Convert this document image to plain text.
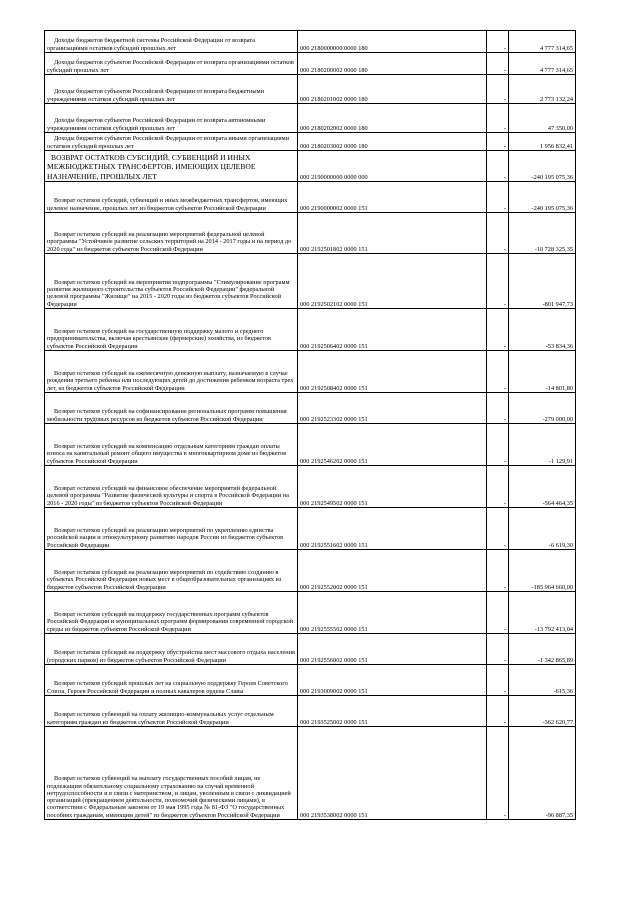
Доходы бюджетов бюджетной системы Российской Федерации от возврата организациями остатков субсидий прошлых лет	000 2180000000 0000 180	-	4 777 314,65
Доходы бюджетов субъектов Российской Федерации от возврата организациями остатков субсидий прошлых лет	000 2180200002 0000 180	-	4 777 314,65
Доходы бюджетов субъектов Российской Федерации от возврата бюджетными учреждениями остатков субсидий прошлых лет	000 2180201002 0000 180	-	2 773 132,24
Доходы бюджетов субъектов Российской Федерации от возврата автономными учреждениями остатков субсидий прошлых лет	000 2180202002 0000 180	-	47 350,00
Доходы бюджетов субъектов Российской Федерации от возврата иными организациями остатков субсидий прошлых лет	000 2180203002 0000 180	-	1 956 832,41
ВОЗВРАТ ОСТАТКОВ СУБСИДИЙ, СУБВЕНЦИЙ И ИНЫХ МЕЖБЮДЖЕТНЫХ ТРАНСФЕРТОВ, ИМЕЮЩИХ ЦЕЛЕВОЕ НАЗНАЧЕНИЕ, ПРОШЛЫХ ЛЕТ	000 2190000000 0000 000	-	-240 195 075,36
Возврат остатков субсидий, субвенций и иных межбюджетных трансфертов, имеющих целевое назначение, прошлых лет из бюджетов субъектов Российской Федерации	000 2190000002 0000 151	-	-240 195 075,36
Возврат остатков субсидий на реализацию мероприятий федеральной целевой программы "Устойчивое развитие сельских территорий на 2014 - 2017 годы и на период до 2020 года" из бюджетов субъектов Российской Федерации	000 2192501802 0000 151	-	-10 728 325,35
Возврат остатков субсидий на мероприятия подпрограммы "Стимулирование программ развития жилищного строительства субъектов Российской Федерации" федеральной целевой программы "Жилище" на 2015 - 2020 годы из бюджетов субъектов Российской Федерации	000 2192502102 0000 151	-	-801 947,73
Возврат остатков субсидий на государственную поддержку малого и среднего предпринимательства, включая крестьянские (фермерские) хозяйства, из бюджетов субъектов Российской Федерации	000 2192506402 0000 151	-	-53 834,36
Возврат остатков субсидий на ежемесячную денежную выплату, назначаемую в случае рождения третьего ребенка или последующих детей до достижения ребенком возраста трех лет, из бюджетов субъектов Российской Федерации	000 2192508402 0000 151	-	-14 801,80
Возврат остатков субсидий на софинансирование региональных программ повышения мобильности трудовых ресурсов из бюджетов субъектов Российской Федерации	000 2192523302 0000 151	-	-279 000,00
Возврат остатков субсидий на компенсацию отдельным категориям граждан оплаты взноса на капитальный ремонт общего имущества в многоквартирном доме из бюджетов субъектов Российской Федерации	000 2192546202 0000 151	-	-1 129,91
Возврат остатков субсидий на финансовое обеспечение мероприятий федеральной целевой программы "Развитие физической культуры и спорта в Российской Федерации на 2016 - 2020 годы" из бюджетов субъектов Российской Федерации	000 2192549502 0000 151	-	-564 464,35
Возврат остатков субсидий на реализацию мероприятий по укреплению единства российской нации и этнокультурному развитию народов России из бюджетов субъектов Российской Федерации	000 2192551602 0000 151	-	-6 619,30
Возврат остатков субсидий на реализацию мероприятий по содействию созданию в субъектах Российской Федерации новых мест в общеобразовательных организациях из бюджетов субъектов Российской Федерации	000 2192552002 0000 151	-	-185 964 660,00
Возврат остатков субсидий на поддержку государственных программ субъектов Российской Федерации и муниципальных программ формирования современной городской среды из бюджетов субъектов Российской Федерации	000 2192555502 0000 151	-	-13 792 413,04
Возврат остатков субсидий на поддержку обустройства мест массового отдыха населения (городских парков) из бюджетов субъектов Российской Федерации	000 2192556002 0000 151	-	-1 342 865,89
Возврат остатков субсидий прошлых лет на социальную поддержку Героев Советского Союза, Героев Российской Федерации и полных кавалеров ордена Славы	000 2193009002 0000 151	-	-615,36
Возврат остатков субвенций на оплату жилищно-коммунальных услуг отдельным категориям граждан из бюджетов субъектов Российской Федерации	000 2193525002 0000 151	-	-362 620,77
Возврат остатков субвенций на выплату государственных пособий лицам, не подлежащим обязательному социальному страхованию на случай временной нетрудоспособности и в связи с материнством, и лицам, уволенным в связи с ликвидацией организаций (прекращением деятельности, полномочий физическими лицами), в соответствии с Федеральным законом от 19 мая 1995 года № 81-ФЗ "О государственных пособиях гражданам, имеющим детей" из бюджетов субъектов Российской Федерации	000 2193538002 0000 151	-	-96 887,35
